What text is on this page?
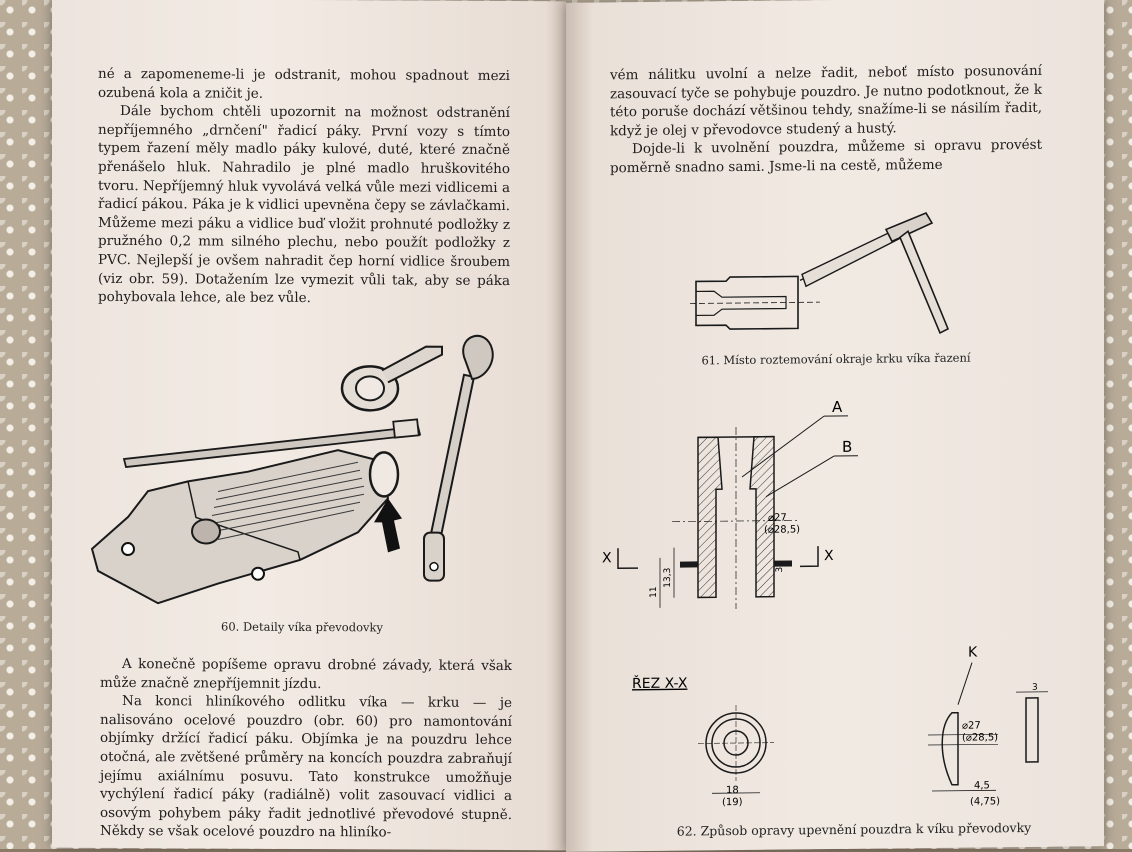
né a zapomeneme-li je odstranit, mohou spadnout mezi ozubená kola a zničit je.

Dále bychom chtěli upozornit na možnost odstranění nepříjemného „drnčení" řadicí páky. První vozy s tímto typem řazení měly madlo páky kulové, duté, které značně přenášelo hluk. Nahradilo je plné madlo hruškovitého tvoru. Nepříjemný hluk vyvolává velká vůle mezi vidlicemi a řadicí pákou. Páka je k vidlici upevněna čepy se závlačkami. Můžeme mezi páku a vidlice buď vložit prohnuté podložky z pružného 0,2 mm silného plechu, nebo použít podložky z PVC. Nejlepší je ovšem nahradit čep horní vidlice šroubem (viz obr. 59). Dotažením lze vymezit vůli tak, aby se páka pohybovala lehce, ale bez vůle.

60. Detaily víka převodovky

A konečně popíšeme opravu drobné závady, která však může značně znepříjemnit jízdu.

Na konci hliníkového odlitku víka — krku — je nalisováno ocelové pouzdro (obr. 60) pro namontování objímky držící řadicí páku. Objímka je na pouzdru lehce otočná, ale zvětšené průměry na koncích pouzdra zabraňují jejímu axiálnímu posuvu. Tato konstrukce umožňuje vychýlení řadicí páky (radiálně) volit zasouvací vidlici a osovým pohybem páky řadit jednotlivé převodové stupně. Někdy se však ocelové pouzdro na hliníko-

vém nálitku uvolní a nelze řadit, neboť místo posunování zasouvací tyče se pohybuje pouzdro. Je nutno podotknout, že k této poruše dochází většinou tehdy, snažíme-li se násilím řadit, když je olej v převodovce studený a hustý.

Dojde-li k uvolnění pouzdra, můžeme si opravu provést poměrně snadno sami. Jsme-li na cestě, můžeme

61. Místo roztemování okraje krku víka řazení
A
B
⌀27
(⌀28,5)
X	X
11
13,3	3
ŘEZ X-X
18
(19)
K
⌀27
(⌀28,5)
3
4,5
(4,75)
62. Způsob opravy upevnění pouzdra k víku převodovky
